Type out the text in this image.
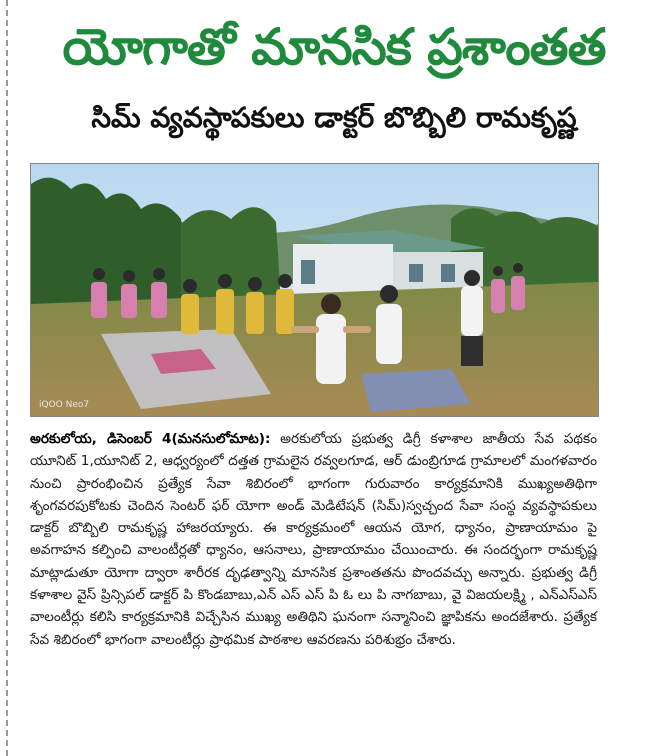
యోగాతో మానసిక ప్రశాంతత
సిమ్ వ్యవస్థాపకులు డాక్టర్ బొబ్బిలి రామకృష్ణ
iQOO Neo7
అరకులోయ, డిసెంబర్ 4(మనసులోమాట): అరకులోయ ప్రభుత్వ డిగ్రీ కళాశాల జాతీయ సేవ పథకం యూనిట్ 1,యూనిట్ 2, ఆధ్వర్యంలో దత్తత గ్రామలైన రవ్వలగూడ, ఆర్ డుంబ్రిగూడ గ్రామాలలో మంగళవారం నుంచి ప్రారంభించిన ప్రత్యేక సేవా శిబిరంలో భాగంగా గురువారం కార్యక్రమానికి ముఖ్యఅతిథిగా శృంగవరపుకోటకు చెందిన సెంటర్ ఫర్ యోగా అండ్ మెడిటేషన్ (సిమ్)స్వచ్చంద సేవా సంస్థ వ్యవస్థాపకులు డాక్టర్ బొబ్బిలి రామకృష్ణ హాజరయ్యారు. ఈ కార్యక్రమంలో ఆయన యోగ, ధ్యానం, ప్రాణాయామం పై అవగాహన కల్పించి వాలంటీర్లతో ధ్యానం, ఆసనాలు, ప్రాణాయామం చేయించారు. ఈ సందర్భంగా రామకృష్ణ మాట్లాడుతూ యోగా ద్వారా శారీరక దృఢత్వాన్ని మానసిక ప్రశాంతతను పొందవచ్చు అన్నారు. ప్రభుత్వ డిగ్రీ కళాశాల వైస్ ప్రిన్సిపల్ డాక్టర్ పి కొండబాబు,ఎన్ ఎస్ ఎస్ పి ఓ లు పి నాగబాబు, వై విజయలక్ష్మి , ఎన్ఎస్ఎస్ వాలంటీర్లు కలిసి కార్యక్రమానికి విచ్చేసిన ముఖ్య అతిథిని ఘనంగా సన్మానించి జ్ఞాపికను అందజేశారు. ప్రత్యేక సేవ శిబిరంలో భాగంగా వాలంటీర్లు ప్రాథమిక పాఠశాల ఆవరణను పరిశుభ్రం చేశారు.
